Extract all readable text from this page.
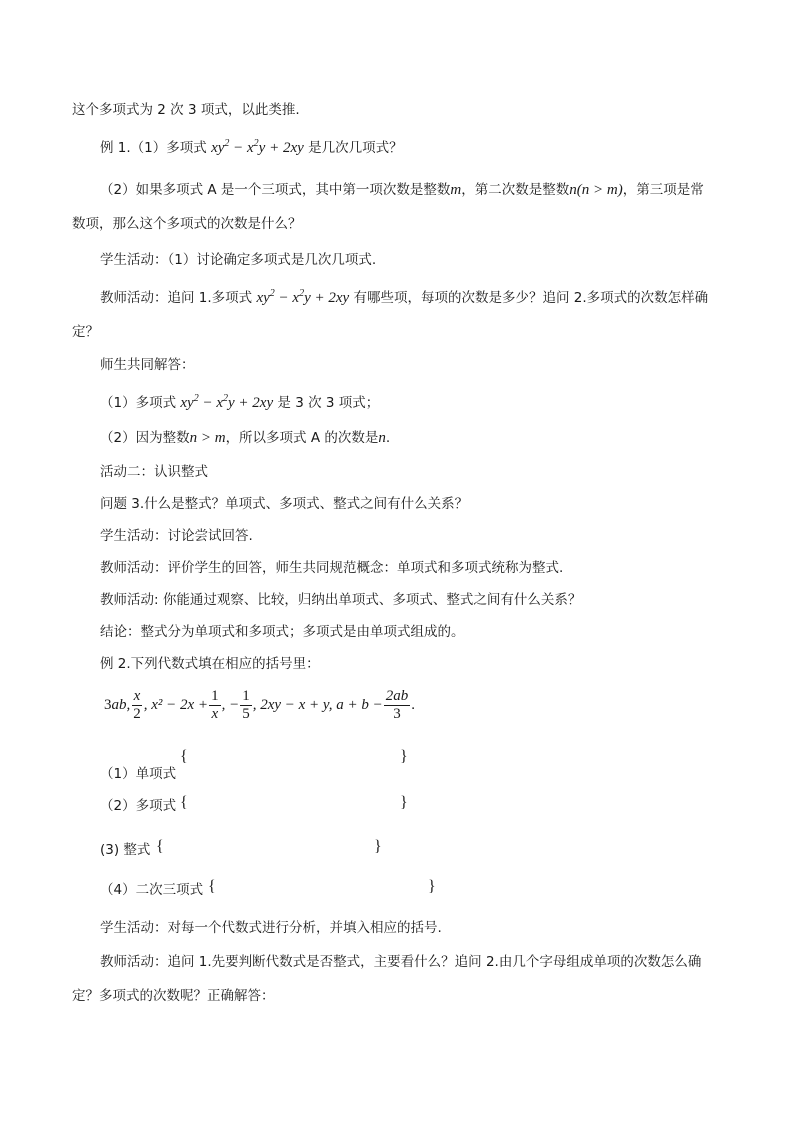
这个多项式为 2 次 3 项式，以此类推.
例 1.（1）多项式 $xy^2 - x^2y + 2xy$ 是几次几项式？
（2）如果多项式 A 是一个三项式，其中第一项次数是整数m，第二次数是整数n(n > m)，第三项是常
数项，那么这个多项式的次数是什么？
学生活动：（1）讨论确定多项式是几次几项式.
教师活动：追问 1.多项式 $xy^2 - x^2y + 2xy$ 有哪些项，每项的次数是多少？追问 2.多项式的次数怎样确
定？
师生共同解答：
（1）多项式 $xy^2 - x^2y + 2xy$ 是 3 次 3 项式；
（2）因为整数n > m，所以多项式 A 的次数是n.
活动二：认识整式
问题 3.什么是整式？单项式、多项式、整式之间有什么关系？
学生活动：讨论尝试回答.
教师活动：评价学生的回答，师生共同规范概念：单项式和多项式统称为整式.
教师活动: 你能通过观察、比较，归纳出单项式、多项式、整式之间有什么关系？
结论：整式分为单项式和多项式；多项式是由单项式组成的。
例 2.下列代数式填在相应的括号里：
3 ab, $\frac{x}{2}$ , $x^2 - 2x + \frac{1}{x}$ , − $\frac{1}{5}$ , 2xy − x + y, $a + b - \frac{2ab}{3}$ .
（1）单项式
{	}
（2）多项式 {	}
(3) 整式 {	}
（4）二次三项式 {	}
学生活动：对每一个代数式进行分析，并填入相应的括号.
教师活动：追问 1.先要判断代数式是否整式，主要看什么？追问 2.由几个字母组成单项的次数怎么确
定？多项式的次数呢？正确解答：
